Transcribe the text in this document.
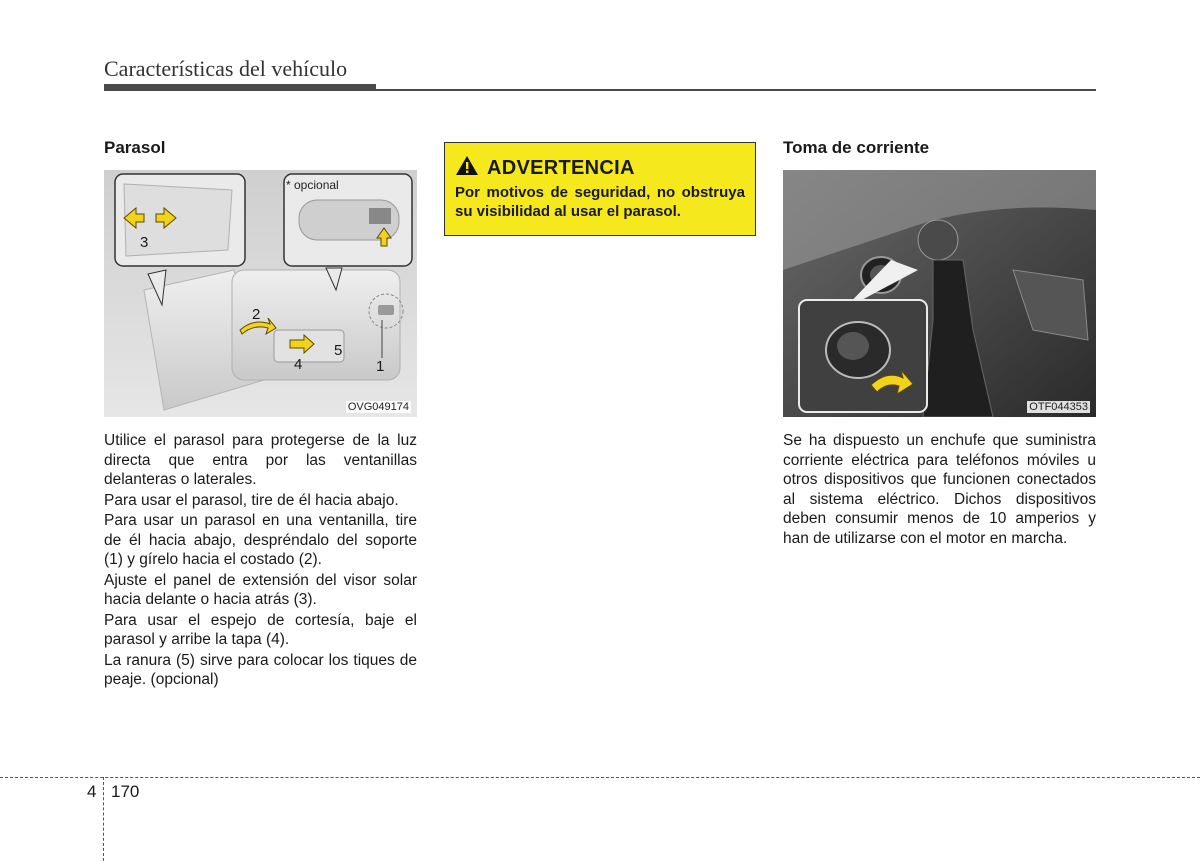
Características del vehículo
Parasol
* opcional
3
2
5
4	1
OVG049174

Utilice el parasol para protegerse de la luz directa que entra por las ventanillas delanteras o laterales.

Para usar el parasol, tire de él hacia abajo.

Para usar un parasol en una ventanilla, tire de él hacia abajo, despréndalo del soporte (1) y gírelo hacia el costado (2).

Ajuste el panel de extensión del visor solar hacia delante o hacia atrás (3).

Para usar el espejo de cortesía, baje el parasol y arribe la tapa (4).

La ranura (5) sirve para colocar los tiques de peaje. (opcional)

ADVERTENCIA
Por motivos de seguridad, no obstruya su visibilidad al usar el parasol.
Toma de corriente
OTF044353

Se ha dispuesto un enchufe que suministra corriente eléctrica para teléfonos móviles u otros dispositivos que funcionen conectados al sistema eléctrico. Dichos dispositivos deben consumir menos de 10 amperios y han de utilizarse con el motor en marcha.

4 170
